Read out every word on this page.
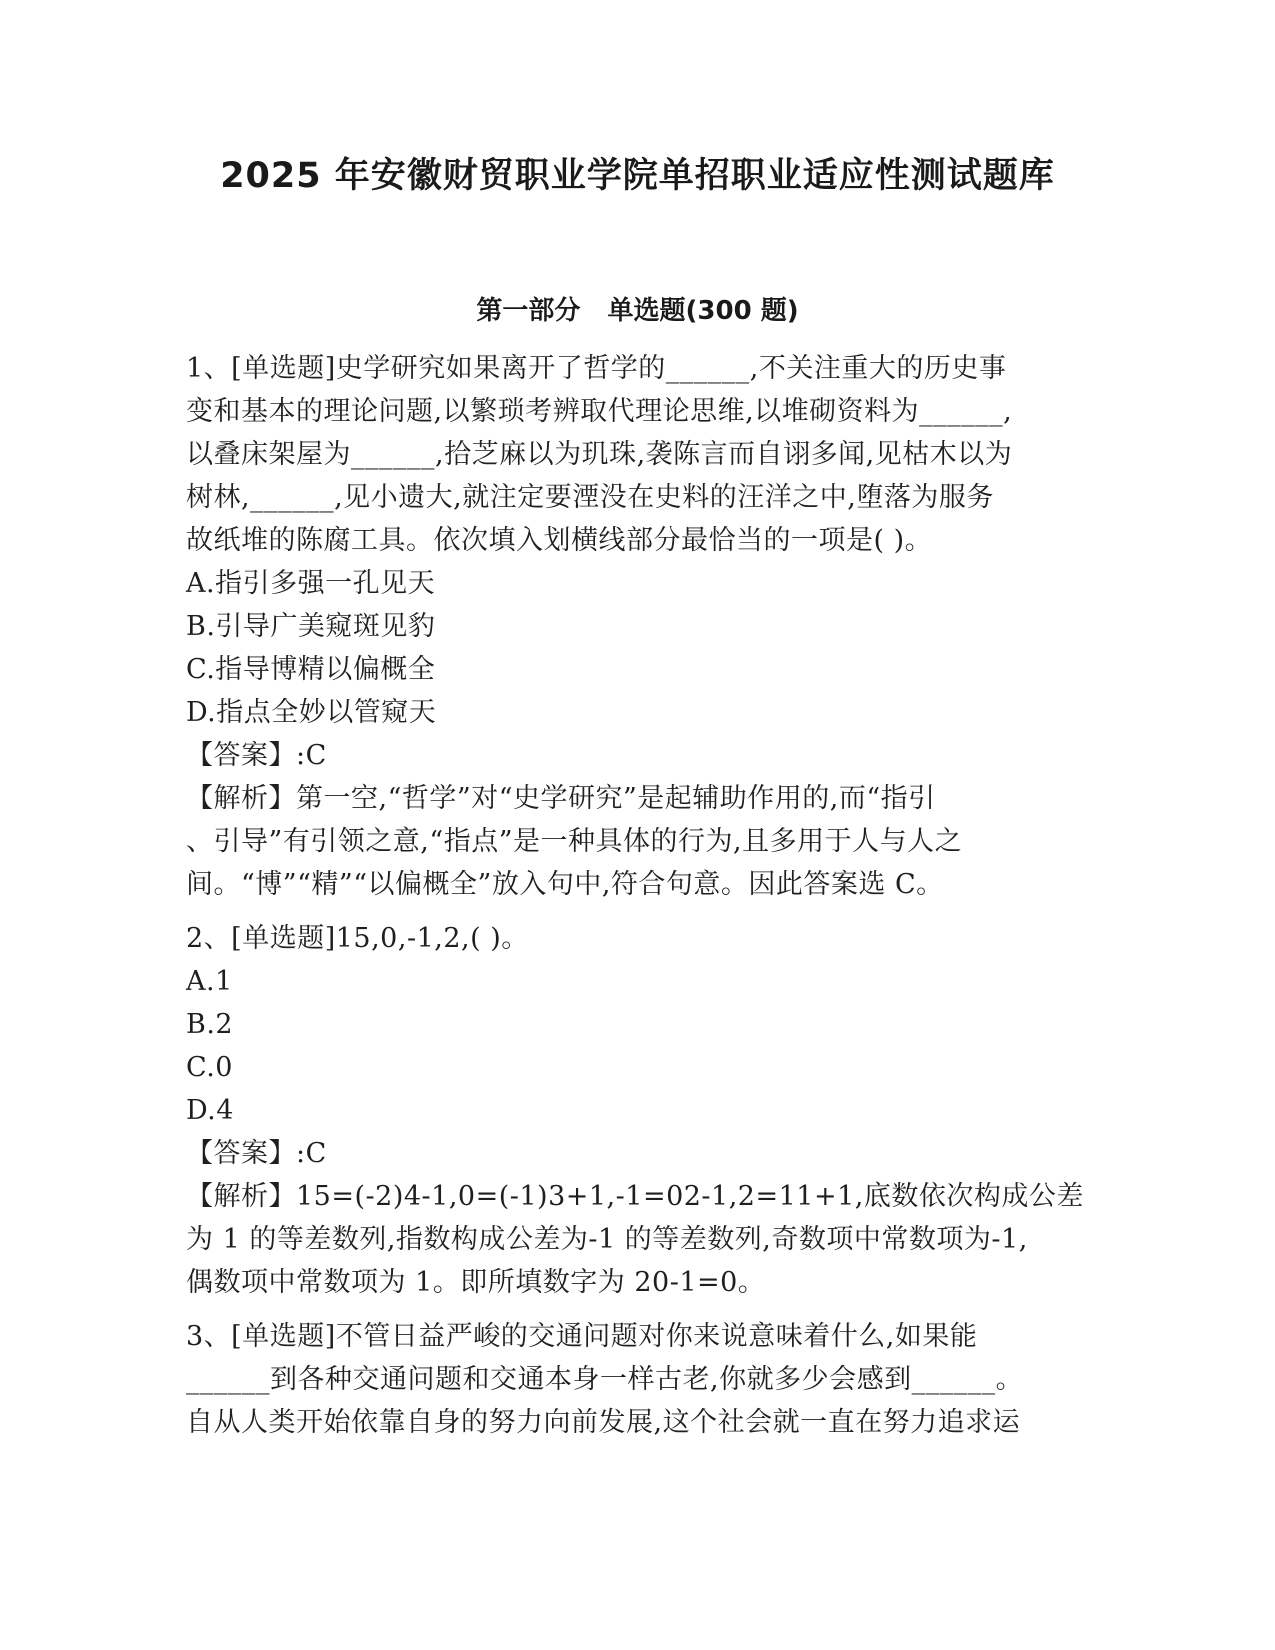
2025 年安徽财贸职业学院单招职业适应性测试题库
第一部分   单选题(300 题)
1、[单选题]史学研究如果离开了哲学的______,不关注重大的历史事
变和基本的理论问题,以繁琐考辨取代理论思维,以堆砌资料为______,
以叠床架屋为______,拾芝麻以为玑珠,袭陈言而自诩多闻,见枯木以为
树林,______,见小遗大,就注定要湮没在史料的汪洋之中,堕落为服务
故纸堆的陈腐工具。依次填入划横线部分最恰当的一项是( )。
A.指引多强一孔见天
B.引导广美窥斑见豹
C.指导博精以偏概全
D.指点全妙以管窥天
【答案】:C
【解析】第一空,“哲学”对“史学研究”是起辅助作用的,而“指引
、引导”有引领之意,“指点”是一种具体的行为,且多用于人与人之
间。“博”“精”“以偏概全”放入句中,符合句意。因此答案选 C。
2、[单选题]15,0,-1,2,( )。
A.1
B.2
C.0
D.4
【答案】:C
【解析】15=(-2)4-1,0=(-1)3+1,-1=02-1,2=11+1,底数依次构成公差
为 1 的等差数列,指数构成公差为-1 的等差数列,奇数项中常数项为-1,
偶数项中常数项为 1。即所填数字为 20-1=0。
3、[单选题]不管日益严峻的交通问题对你来说意味着什么,如果能
______到各种交通问题和交通本身一样古老,你就多少会感到______。
自从人类开始依靠自身的努力向前发展,这个社会就一直在努力追求运
